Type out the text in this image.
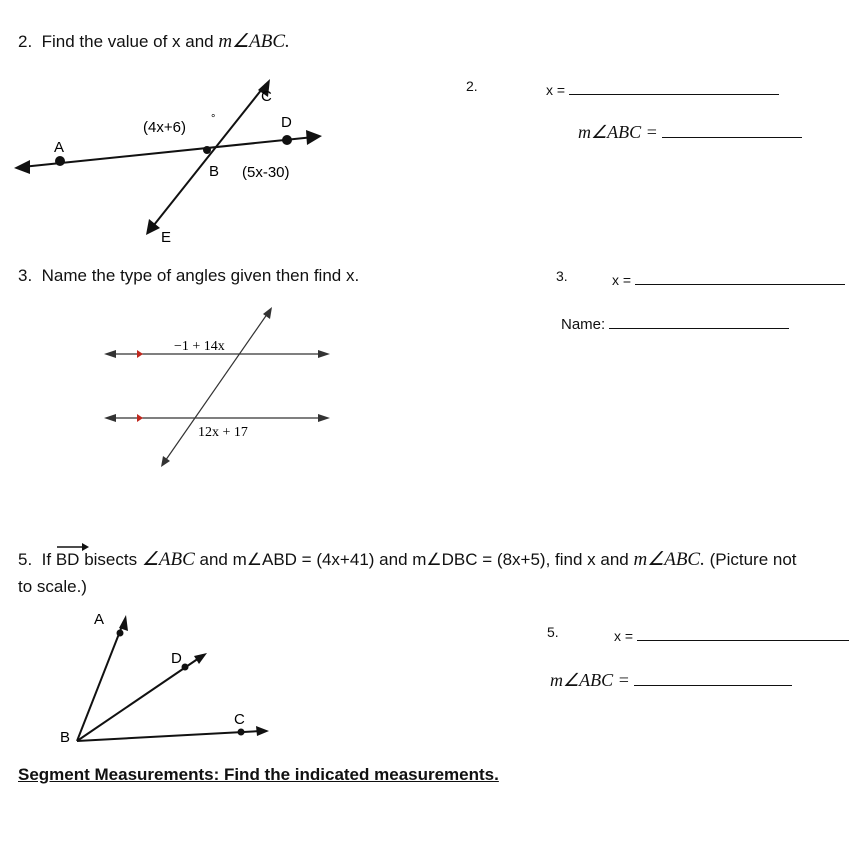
2. Find the value of x and m∠ABC.
A
B
C
D
E
(4x+6) °
(5x-30)
2.	x =
m∠ABC =
3. Name the type of angles given then find x.
−1 + 14x
12x + 17
3.	x =
Name:
5. If BD bisects ∠ABC and m∠ABD = (4x+41) and m∠DBC = (8x+5), find x and m∠ABC. (Picture not
to scale.)
A
B
C
D
5.	x =
m∠ABC =
Segment Measurements: Find the indicated measurements.
